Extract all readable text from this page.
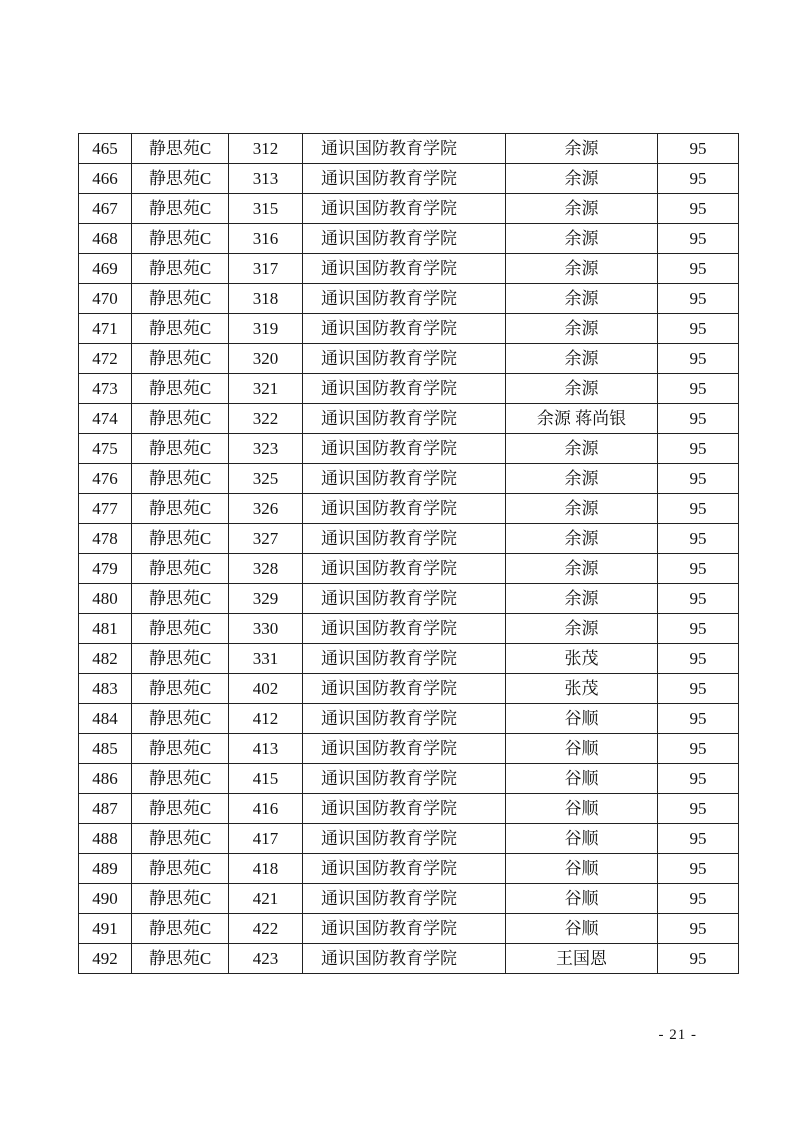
465	静思苑C	312	通识国防教育学院	余源	95
466	静思苑C	313	通识国防教育学院	余源	95
467	静思苑C	315	通识国防教育学院	余源	95
468	静思苑C	316	通识国防教育学院	余源	95
469	静思苑C	317	通识国防教育学院	余源	95
470	静思苑C	318	通识国防教育学院	余源	95
471	静思苑C	319	通识国防教育学院	余源	95
472	静思苑C	320	通识国防教育学院	余源	95
473	静思苑C	321	通识国防教育学院	余源	95
474	静思苑C	322	通识国防教育学院	余源 蒋尚银	95
475	静思苑C	323	通识国防教育学院	余源	95
476	静思苑C	325	通识国防教育学院	余源	95
477	静思苑C	326	通识国防教育学院	余源	95
478	静思苑C	327	通识国防教育学院	余源	95
479	静思苑C	328	通识国防教育学院	余源	95
480	静思苑C	329	通识国防教育学院	余源	95
481	静思苑C	330	通识国防教育学院	余源	95
482	静思苑C	331	通识国防教育学院	张茂	95
483	静思苑C	402	通识国防教育学院	张茂	95
484	静思苑C	412	通识国防教育学院	谷顺	95
485	静思苑C	413	通识国防教育学院	谷顺	95
486	静思苑C	415	通识国防教育学院	谷顺	95
487	静思苑C	416	通识国防教育学院	谷顺	95
488	静思苑C	417	通识国防教育学院	谷顺	95
489	静思苑C	418	通识国防教育学院	谷顺	95
490	静思苑C	421	通识国防教育学院	谷顺	95
491	静思苑C	422	通识国防教育学院	谷顺	95
492	静思苑C	423	通识国防教育学院	王国恩	95
- 21 -
